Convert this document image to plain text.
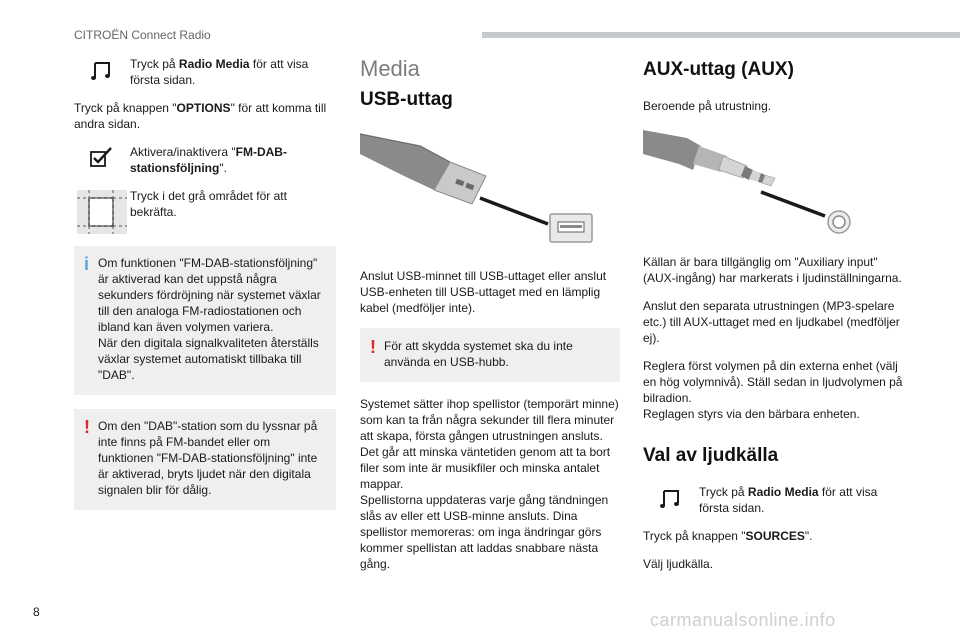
CITROËN Connect Radio
Tryck på Radio Media för att visa första sidan.

Tryck på knappen "OPTIONS" för att komma till andra sidan.

Aktivera/inaktivera "FM-DAB-stationsföljning".
Tryck i det grå området för att bekräfta.
i Om funktionen "FM-DAB-stationsföljning" är aktiverad kan det uppstå några sekunders fördröjning när systemet växlar till den analoga FM-radiostationen och ibland kan även volymen variera.
När den digitala signalkvaliteten återställs växlar systemet automatiskt tillbaka till "DAB".
! Om den "DAB"-station som du lyssnar på inte finns på FM-bandet eller om funktionen "FM-DAB-stationsföljning" inte är aktiverad, bryts ljudet när den digitala signalen blir för dålig.
Media
USB-uttag

Anslut USB-minnet till USB-uttaget eller anslut USB-enheten till USB-uttaget med en lämplig kabel (medföljer inte).

! För att skydda systemet ska du inte använda en USB-hubb.
Systemet sätter ihop spellistor (temporärt minne) som kan ta från några sekunder till flera minuter att skapa, första gången utrustningen ansluts.
Det går att minska väntetiden genom att ta bort filer som inte är musikfiler och minska antalet mappar.
Spellistorna uppdateras varje gång tändningen slås av eller ett USB-minne ansluts. Dina spellistor memoreras: om inga ändringar görs kommer spellistan att laddas snabbare nästa gång.
AUX-uttag (AUX)

Beroende på utrustning.

Källan är bara tillgänglig om "Auxiliary input" (AUX-ingång) har markerats i ljudinställningarna.

Anslut den separata utrustningen (MP3-spelare etc.) till AUX-uttaget med en ljudkabel (medföljer ej).

Reglera först volymen på din externa enhet (välj en hög volymnivå). Ställ sedan in ljudvolymen på bilradion.
Reglagen styrs via den bärbara enheten.
Val av ljudkälla
Tryck på Radio Media för att visa första sidan.

Tryck på knappen "SOURCES".

Välj ljudkälla.

8	carmanualsonline.info
